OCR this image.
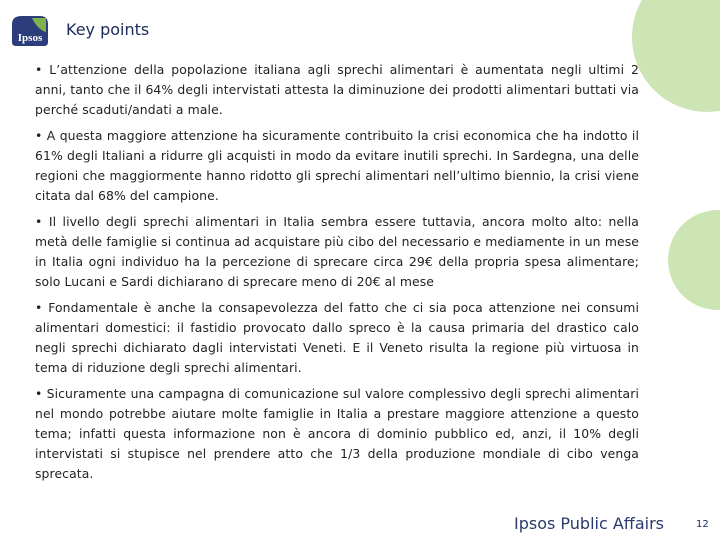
Ipsos Key points

• L’attenzione della popolazione italiana agli sprechi alimentari è aumentata negli ultimi 2 anni, tanto che il 64% degli intervistati attesta la diminuzione dei prodotti alimentari buttati via perché scaduti/andati a male.

• A questa maggiore attenzione ha sicuramente contribuito la crisi economica che ha indotto il 61% degli Italiani a ridurre gli acquisti in modo da evitare inutili sprechi. In Sardegna, una delle regioni che maggiormente hanno ridotto gli sprechi alimentari nell’ultimo biennio, la crisi viene citata dal 68% del campione.

• Il livello degli sprechi alimentari in Italia sembra essere tuttavia, ancora molto alto: nella metà delle famiglie si continua ad acquistare più cibo del necessario e mediamente in un mese in Italia ogni individuo ha la percezione di sprecare circa 29€ della propria spesa alimentare; solo Lucani e Sardi dichiarano di sprecare meno di 20€ al mese

• Fondamentale è anche la consapevolezza del fatto che ci sia poca attenzione nei consumi alimentari domestici: il fastidio provocato dallo spreco è la causa primaria del drastico calo negli sprechi dichiarato dagli intervistati Veneti. E il Veneto risulta la regione più virtuosa in tema di riduzione degli sprechi alimentari.

• Sicuramente una campagna di comunicazione sul valore complessivo degli sprechi alimentari nel mondo potrebbe aiutare molte famiglie in Italia a prestare maggiore attenzione a questo tema; infatti questa informazione non è ancora di dominio pubblico ed, anzi, il 10% degli intervistati si stupisce nel prendere atto che 1/3 della produzione mondiale di cibo venga sprecata.

Ipsos Public Affairs	12
